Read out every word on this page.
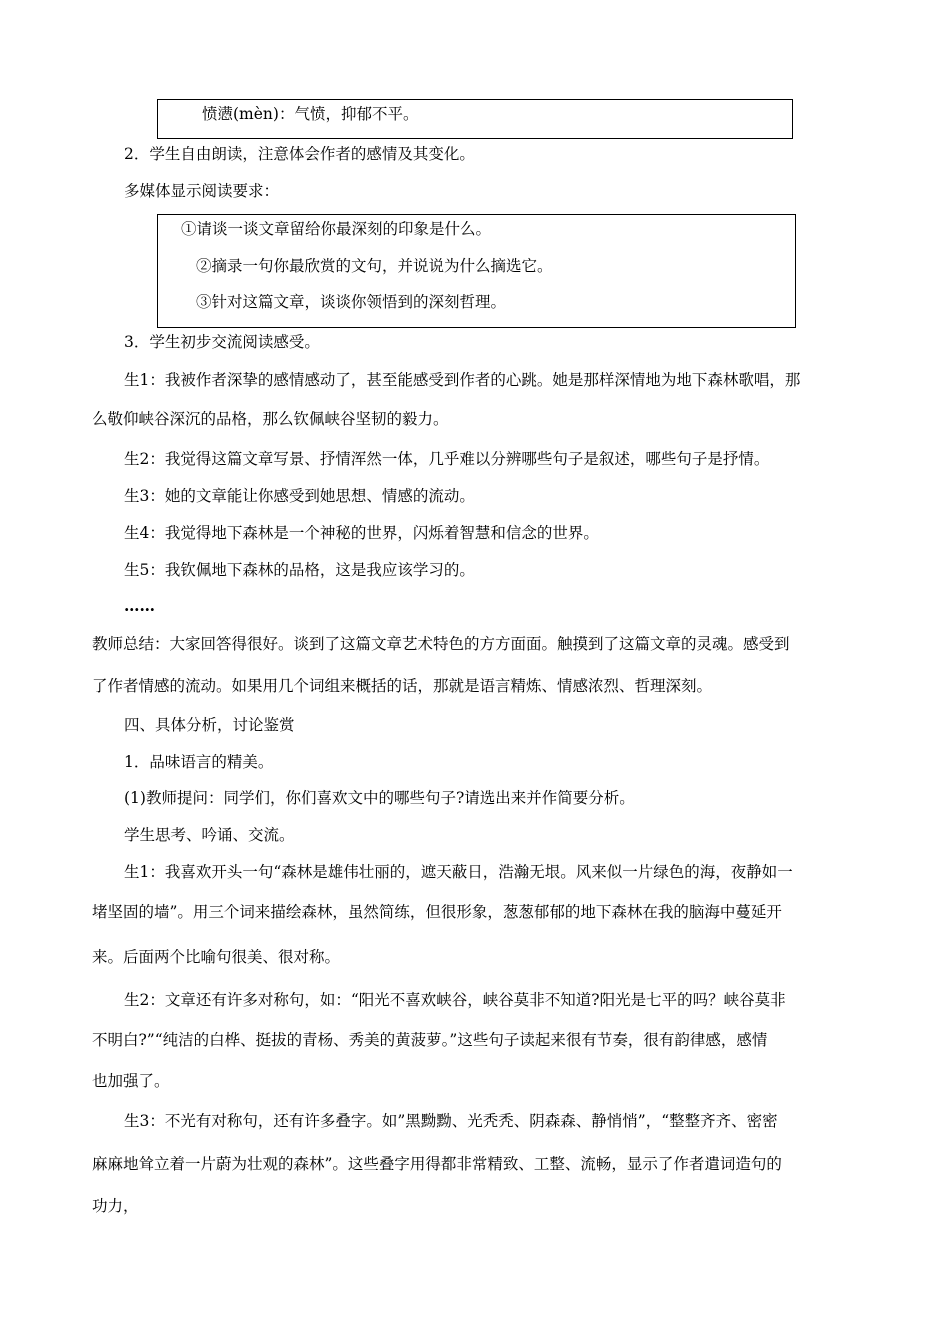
愤懑(mèn)：气愤，抑郁不平。
2．学生自由朗读，注意体会作者的感情及其变化。
多媒体显示阅读要求：
①请谈一谈文章留给你最深刻的印象是什么。
②摘录一句你最欣赏的文句，并说说为什么摘选它。
③针对这篇文章，谈谈你领悟到的深刻哲理。
3．学生初步交流阅读感受。
生1：我被作者深挚的感情感动了，甚至能感受到作者的心跳。她是那样深情地为地下森林歌唱，那
么敬仰峡谷深沉的品格，那么钦佩峡谷坚韧的毅力。
生2：我觉得这篇文章写景、抒情浑然一体，几乎难以分辨哪些句子是叙述，哪些句子是抒情。
生3：她的文章能让你感受到她思想、情感的流动。
生4：我觉得地下森林是一个神秘的世界，闪烁着智慧和信念的世界。
生5：我钦佩地下森林的品格，这是我应该学习的。
……
教师总结：大家回答得很好。谈到了这篇文章艺术特色的方方面面。触摸到了这篇文章的灵魂。感受到
了作者情感的流动。如果用几个词组来概括的话，那就是语言精炼、情感浓烈、哲理深刻。
四、具体分析，讨论鉴赏
1．品味语言的精美。
(1)教师提问：同学们，你们喜欢文中的哪些句子?请选出来并作简要分析。
学生思考、吟诵、交流。
生1：我喜欢开头一句“森林是雄伟壮丽的，遮天蔽日，浩瀚无垠。风来似一片绿色的海，夜静如一
堵坚固的墙”。用三个词来描绘森林，虽然简练，但很形象，葱葱郁郁的地下森林在我的脑海中蔓延开
来。后面两个比喻句很美、很对称。
生2：文章还有许多对称句，如：“阳光不喜欢峡谷，峡谷莫非不知道?阳光是七平的吗？峡谷莫非
不明白?”“纯洁的白桦、挺拔的青杨、秀美的黄菠萝。”这些句子读起来很有节奏，很有韵律感，感情
也加强了。
生3：不光有对称句，还有许多叠字。如”黑黝黝、光秃秃、阴森森、静悄悄”，“整整齐齐、密密
麻麻地耸立着一片蔚为壮观的森林”。这些叠字用得都非常精致、工整、流畅，显示了作者遣词造句的
功力，
